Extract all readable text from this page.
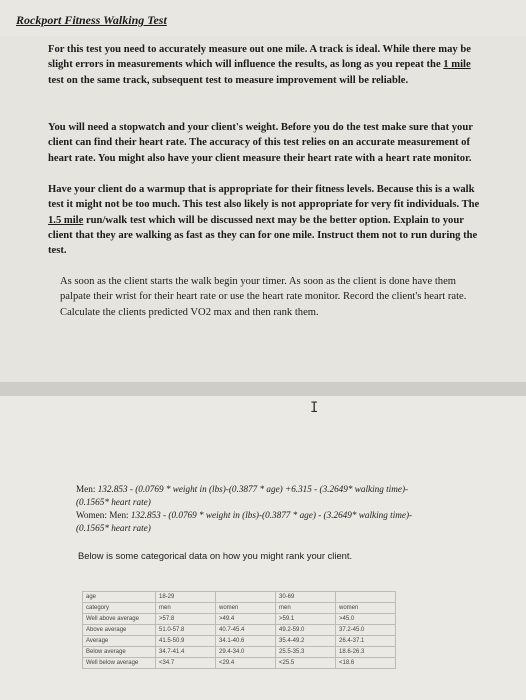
Rockport Fitness Walking Test
For this test you need to accurately measure out one mile. A track is ideal. While there may be
slight errors in measurements which will influence the results, as long as you repeat the 1 mile
test on the same track, subsequent test to measure improvement will be reliable.
You will need a stopwatch and your client's weight. Before you do the test make sure that your
client can find their heart rate. The accuracy of this test relies on an accurate measurement of
heart rate. You might also have your client measure their heart rate with a heart rate monitor.
Have your client do a warmup that is appropriate for their fitness levels. Because this is a walk
test it might not be too much. This test also likely is not appropriate for very fit individuals. The
1.5 mile run/walk test which will be discussed next may be the better option. Explain to your
client that they are walking as fast as they can for one mile. Instruct them not to run during the
test.
As soon as the client starts the walk begin your timer. As soon as the client is done have them
palpate their wrist for their heart rate or use the heart rate monitor. Record the client's heart rate.
Calculate the clients predicted VO2 max and then rank them.
I
Men: 132.853 - (0.0769 * weight in (lbs)-(0.3877 * age) +6.315 - (3.2649* walking time)-
(0.1565* heart rate)
Women: Men: 132.853 - (0.0769 * weight in (lbs)-(0.3877 * age) - (3.2649* walking time)-
(0.1565* heart rate)
Below is some categorical data on how you might rank your client.
age	18-29		30-69	
category	men	women	men	women
Well above average	>57.8	>49.4	>59.1	>45.0
Above average	51.0-57.8	40.7-45.4	49.2-59.0	37.2-45.0
Average	41.5-50.9	34.1-40.6	35.4-49.2	26.4-37.1
Below average	34.7-41.4	29.4-34.0	25.5-35.3	18.6-26.3
Well below average	<34.7	<29.4	<25.5	<18.6
